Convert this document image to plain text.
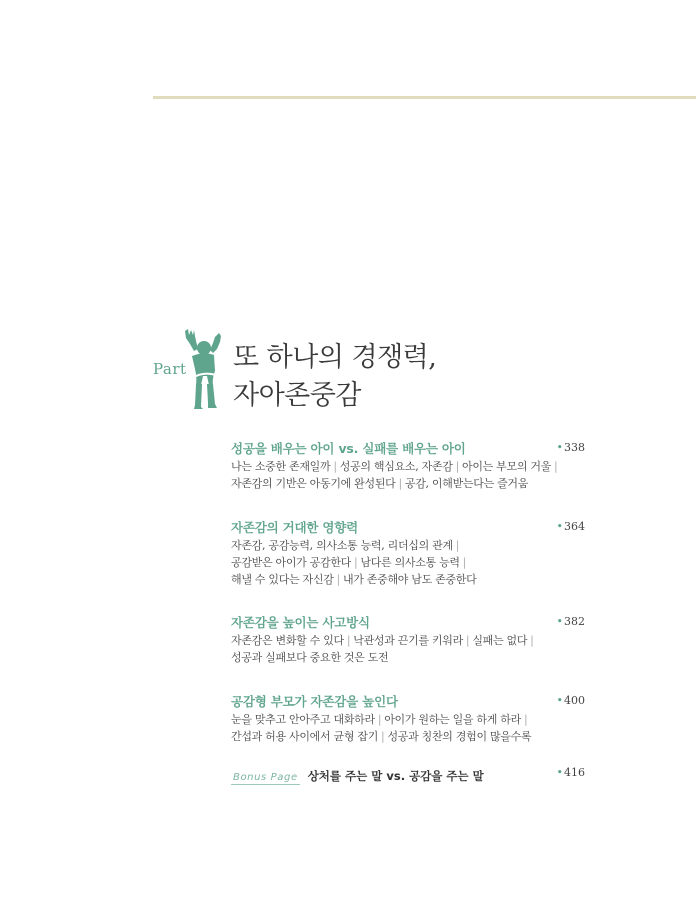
Part 또 하나의 경쟁력,
자아존중감
성공을 배우는 아이 vs. 실패를 배우는 아이	•338
나는 소중한 존재일까 | 성공의 핵심요소, 자존감 | 아이는 부모의 거울 |
자존감의 기반은 아동기에 완성된다 | 공감, 이해받는다는 즐거움
자존감의 거대한 영향력	•364
자존감, 공감능력, 의사소통 능력, 리더십의 관계 |
공감받은 아이가 공감한다 | 남다른 의사소통 능력 |
해낼 수 있다는 자신감 | 내가 존중해야 남도 존중한다
자존감을 높이는 사고방식	•382
자존감은 변화할 수 있다 | 낙관성과 끈기를 키워라 | 실패는 없다 |
성공과 실패보다 중요한 것은 도전
공감형 부모가 자존감을 높인다	•400
눈을 맞추고 안아주고 대화하라 | 아이가 원하는 일을 하게 하라 |
간섭과 허용 사이에서 균형 잡기 | 성공과 칭찬의 경험이 많을수록
Bonus Page 상처를 주는 말 vs. 공감을 주는 말	•416
